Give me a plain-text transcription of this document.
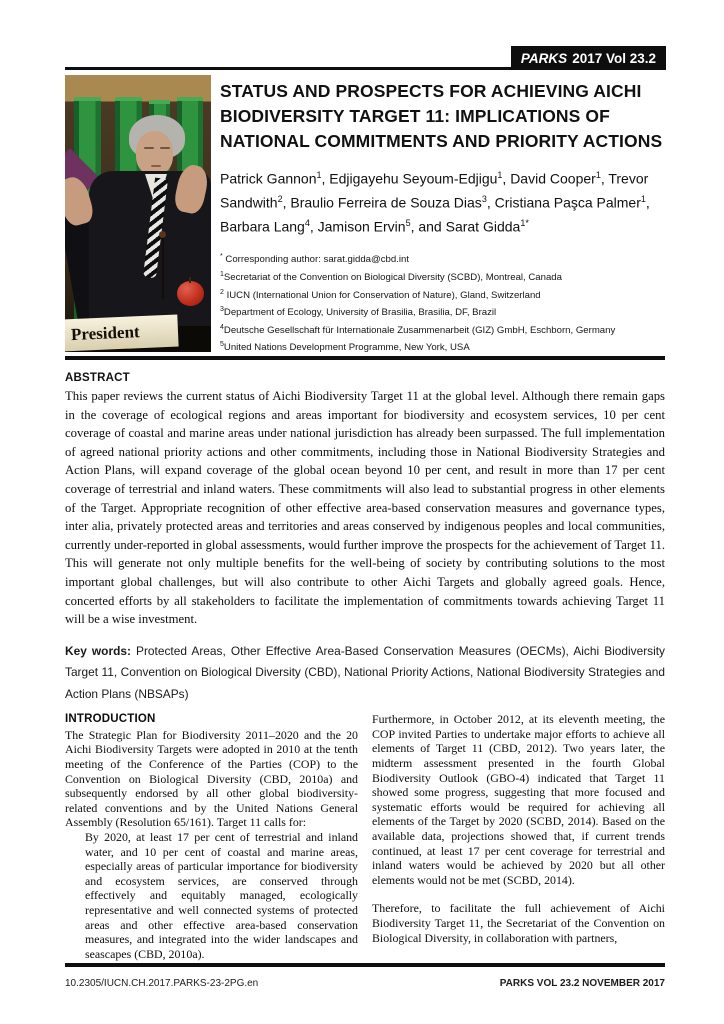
PARKS 2017 Vol 23.2
President
STATUS AND PROSPECTS FOR ACHIEVING AICHI BIODIVERSITY TARGET 11: IMPLICATIONS OF NATIONAL COMMITMENTS AND PRIORITY ACTIONS
Patrick Gannon$^1$, Edjigayehu Seyoum-Edjigu$^1$, David Cooper$^1$, Trevor Sandwith$^2$, Braulio Ferreira de Souza Dias$^3$, Cristiana Paşca Palmer$^1$, Barbara Lang$^4$, Jamison Ervin$^5$, and Sarat Gidda$^{1*}$
* Corresponding author: sarat.gidda@cbd.int
$^1$Secretariat of the Convention on Biological Diversity (SCBD), Montreal, Canada
$^2$ IUCN (International Union for Conservation of Nature), Gland, Switzerland
$^3$Department of Ecology, University of Brasilia, Brasilia, DF, Brazil
$^4$Deutsche Gesellschaft für Internationale Zusammenarbeit (GIZ) GmbH, Eschborn, Germany
$^5$United Nations Development Programme, New York, USA
ABSTRACT
This paper reviews the current status of Aichi Biodiversity Target 11 at the global level. Although there remain gaps in the coverage of ecological regions and areas important for biodiversity and ecosystem services, 10 per cent coverage of coastal and marine areas under national jurisdiction has already been surpassed. The full implementation of agreed national priority actions and other commitments, including those in National Biodiversity Strategies and Action Plans, will expand coverage of the global ocean beyond 10 per cent, and result in more than 17 per cent coverage of terrestrial and inland waters. These commitments will also lead to substantial progress in other elements of the Target. Appropriate recognition of other effective area-based conservation measures and governance types, inter alia, privately protected areas and territories and areas conserved by indigenous peoples and local communities, currently under-reported in global assessments, would further improve the prospects for the achievement of Target 11. This will generate not only multiple benefits for the well-being of society by contributing solutions to the most important global challenges, but will also contribute to other Aichi Targets and globally agreed goals. Hence, concerted efforts by all stakeholders to facilitate the implementation of commitments towards achieving Target 11 will be a wise investment.
Key words: Protected Areas, Other Effective Area-Based Conservation Measures (OECMs), Aichi Biodiversity Target 11, Convention on Biological Diversity (CBD), National Priority Actions, National Biodiversity Strategies and Action Plans (NBSAPs)
INTRODUCTION
The Strategic Plan for Biodiversity 2011–2020 and the 20 Aichi Biodiversity Targets were adopted in 2010 at the tenth meeting of the Conference of the Parties (COP) to the Convention on Biological Diversity (CBD, 2010a) and subsequently endorsed by all other global biodiversity-related conventions and by the United Nations General Assembly (Resolution 65/161). Target 11 calls for:
By 2020, at least 17 per cent of terrestrial and inland water, and 10 per cent of coastal and marine areas, especially areas of particular importance for biodiversity and ecosystem services, are conserved through effectively and equitably managed, ecologically representative and well connected systems of protected areas and other effective area-based conservation measures, and integrated into the wider landscapes and seascapes (CBD, 2010a).
Furthermore, in October 2012, at its eleventh meeting, the COP invited Parties to undertake major efforts to achieve all elements of Target 11 (CBD, 2012). Two years later, the midterm assessment presented in the fourth Global Biodiversity Outlook (GBO-4) indicated that Target 11 showed some progress, suggesting that more focused and systematic efforts would be required for achieving all elements of the Target by 2020 (SCBD, 2014). Based on the available data, projections showed that, if current trends continued, at least 17 per cent coverage for terrestrial and inland waters would be achieved by 2020 but all other elements would not be met (SCBD, 2014).
Therefore, to facilitate the full achievement of Aichi Biodiversity Target 11, the Secretariat of the Convention on Biological Diversity, in collaboration with partners,
10.2305/IUCN.CH.2017.PARKS-23-2PG.en	PARKS VOL 23.2 NOVEMBER 2017
